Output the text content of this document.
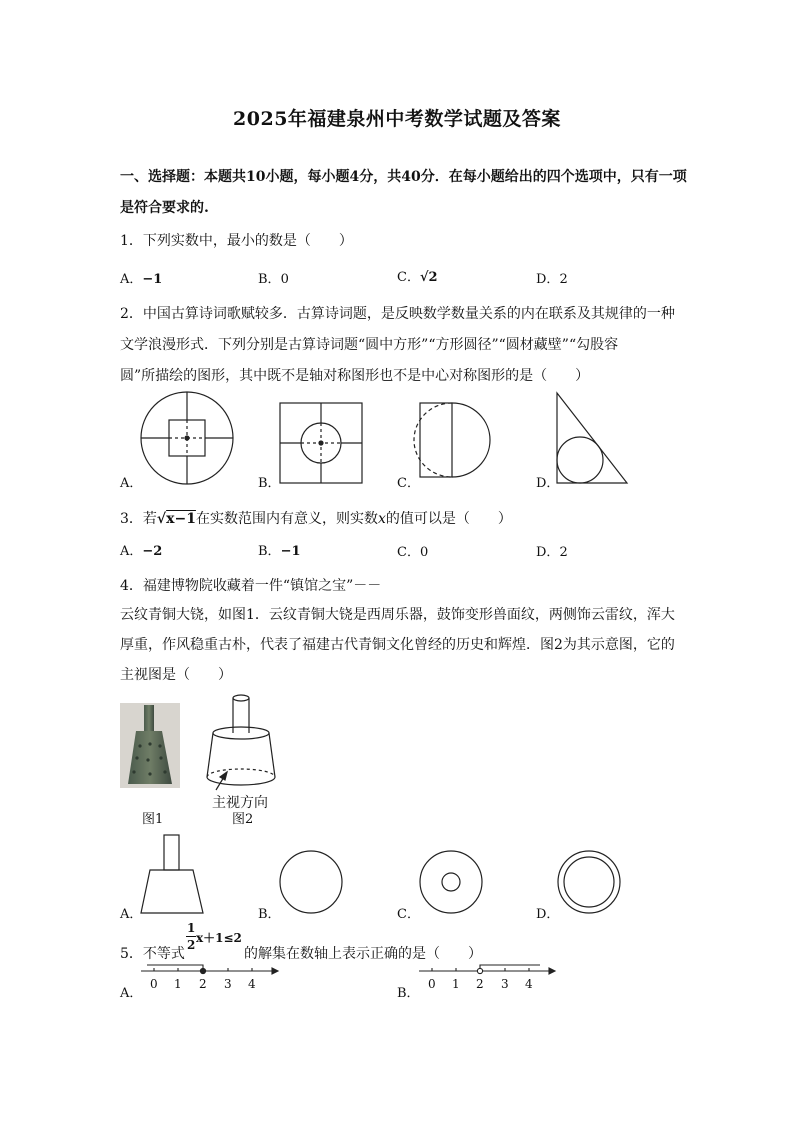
2025年福建泉州中考数学试题及答案
一、选择题：本题共10小题，每小题4分，共40分．在每小题给出的四个选项中，只有一项
是符合要求的.
1．下列实数中，最小的数是（　　）
A．−1	B．0	C．√2	D．2
2．中国古算诗词歌赋较多．古算诗词题，是反映数学数量关系的内在联系及其规律的一种
文学浪漫形式．下列分别是古算诗词题“圆中方形”“方形圆径”“圆材藏壁”“勾股容
圆”所描绘的图形，其中既不是轴对称图形也不是中心对称图形的是（　　）
A．	B．	C．	D．
3．若√x−1在实数范围内有意义，则实数x的值可以是（　　）
A．−2	B．−1	C．0	D．2
4．福建博物院收藏着一件“镇馆之宝”－－
云纹青铜大铙，如图1．云纹青铜大铙是西周乐器，鼓饰变形兽面纹，两侧饰云雷纹，浑大
厚重，作风稳重古朴，代表了福建古代青铜文化曾经的历史和辉煌．图2为其示意图，它的
主视图是（　　）
主视方向
图1	图2
A．	B．	C．	D．
5．不等式
$\frac{1}{2} x+1\le 2$
的解集在数轴上表示正确的是（　　）
A．	B．
0 1 2 3 4	0 1 2 3 4
